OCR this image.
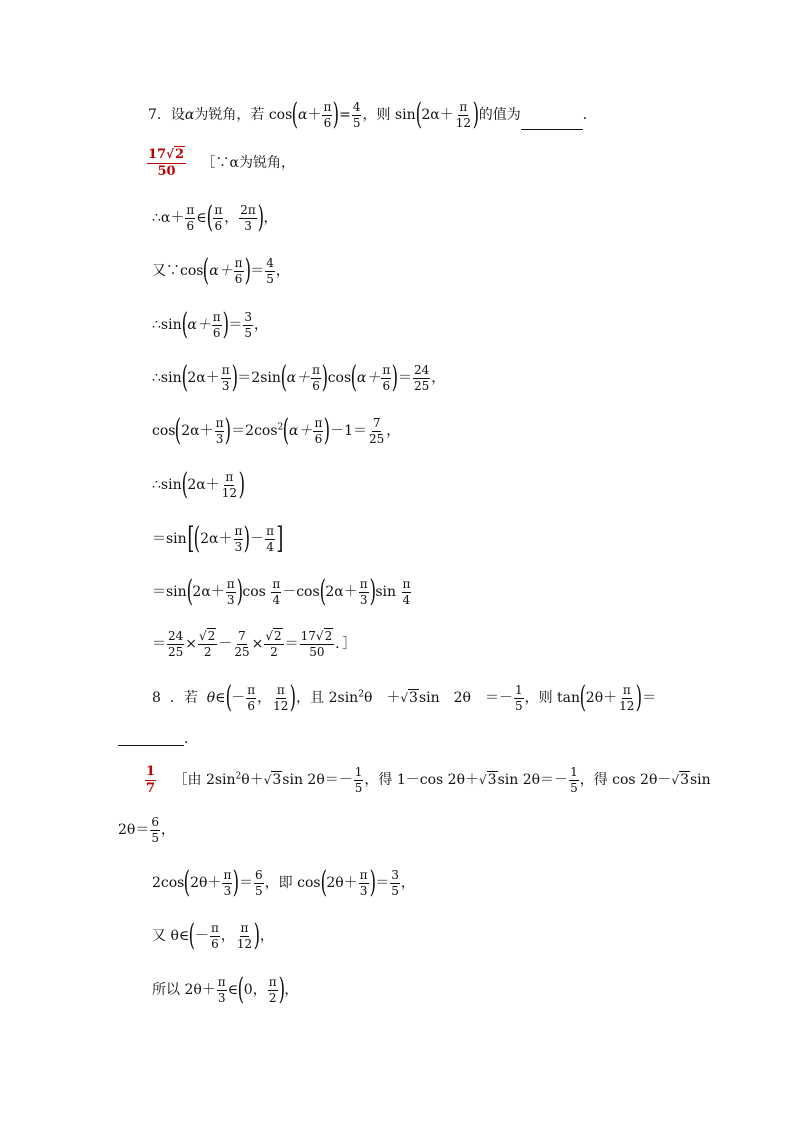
7．设α为锐角，若 $\cos(\alpha+ \frac{\pi}{6}$ )= $\frac{4}{5}$ ，则 $\sin(2\alpha+ \frac{\pi}{12}$ )的值为	．
$\frac{17√2}{50}$ ［∵α为锐角，
∴α＋ $\frac{\pi}{6}$ ∈( $\frac{\pi}{6}$ ， $\frac{2\pi}{3}$ )，
又∵cos(α＋ $\frac{\pi}{6}$ )＝ $\frac{4}{5}$ ，
∴sin(α＋ $\frac{\pi}{6}$ )＝ $\frac{3}{5}$ ，
∴sin(2α＋ $\frac{\pi}{3} )=2\sin(\alpha+ \frac{\pi}{6} )\cos(\alpha+ \frac{\pi}{6}$ )＝ $\frac{24}{25}$ ，
$\cos(2\alpha+ \frac{\pi}{3} )=2\cos^2(\alpha+ \frac{\pi}{6} )-1= \frac{7}{25}$ ，
∴sin(2α＋ $\frac{\pi}{12}$ )
$=\sin[(2\alpha+ \frac{\pi}{3}$ )－ $\frac{\pi}{4}$ ]
$=\sin(2\alpha+ \frac{\pi}{3} )\cos \frac{\pi}{4} -\cos(2\alpha+ \frac{\pi}{3} )\sin \frac{\pi}{4}$
＝ $\frac{24}{25} \times \frac{√2}{2} - \frac{7}{25} \times \frac{√2}{2} = \frac{17√2}{50}$ ．］
8 ．若 θ∈(－ $\frac{\pi}{6}$ ， $\frac{\pi}{12}$ )，且 $2\sin^2\theta$　＋√3sin　2θ　＝－ $\frac{1}{5}$ ，则 $\tan(2\theta+ \frac{\pi}{12}$ )＝
．
$\frac{1}{7}$ ［由 $2\sin^2\theta+√3\sin$ $2\theta=- \frac{1}{5}$ ，得 1－cos 2θ＋√3sin $2\theta=- \frac{1}{5}$ ，得 cos 2θ－√3sin
$2\theta= \frac{6}{5}$ ，
$2\cos(2\theta+ \frac{\pi}{3}$ )＝ $\frac{6}{5}$ ，即 $\cos(2\theta+ \frac{\pi}{3}$ )＝ $\frac{3}{5}$ ，
又 θ∈(－ $\frac{\pi}{6}$ ， $\frac{\pi}{12}$ )，
所以 $2\theta+ \frac{\pi}{3}$ ∈(0， $\frac{\pi}{2}$ )，
